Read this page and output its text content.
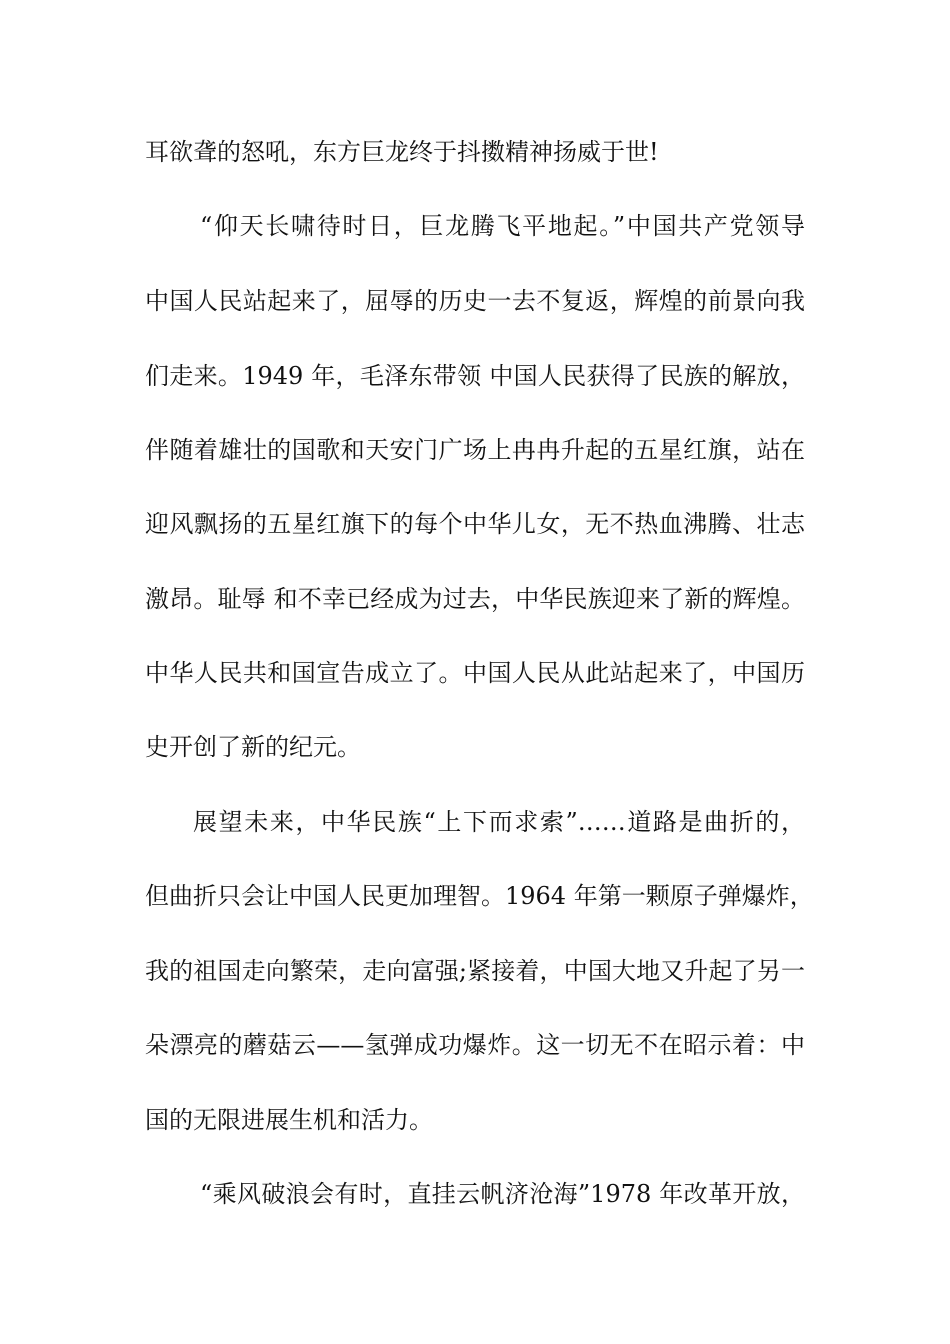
耳欲聋的怒吼，东方巨龙终于抖擞精神扬威于世!
“仰天长啸待时日，巨龙腾飞平地起。”中国共产党领导
中国人民站起来了，屈辱的历史一去不复返，辉煌的前景向我
们走来。1949 年，毛泽东带领 中国人民获得了民族的解放，
伴随着雄壮的国歌和天安门广场上冉冉升起的五星红旗，站在
迎风飘扬的五星红旗下的每个中华儿女，无不热血沸腾、壮志
激昂。耻辱 和不幸已经成为过去，中华民族迎来了新的辉煌。
中华人民共和国宣告成立了。中国人民从此站起来了，中国历
史开创了新的纪元。
展望未来，中华民族“上下而求索”……道路是曲折的，
但曲折只会让中国人民更加理智。1964 年第一颗原子弹爆炸，
我的祖国走向繁荣，走向富强;紧接着，中国大地又升起了另一
朵漂亮的蘑菇云——氢弹成功爆炸。这一切无不在昭示着：中
国的无限进展生机和活力。
“乘风破浪会有时，直挂云帆济沧海”1978 年改革开放，
